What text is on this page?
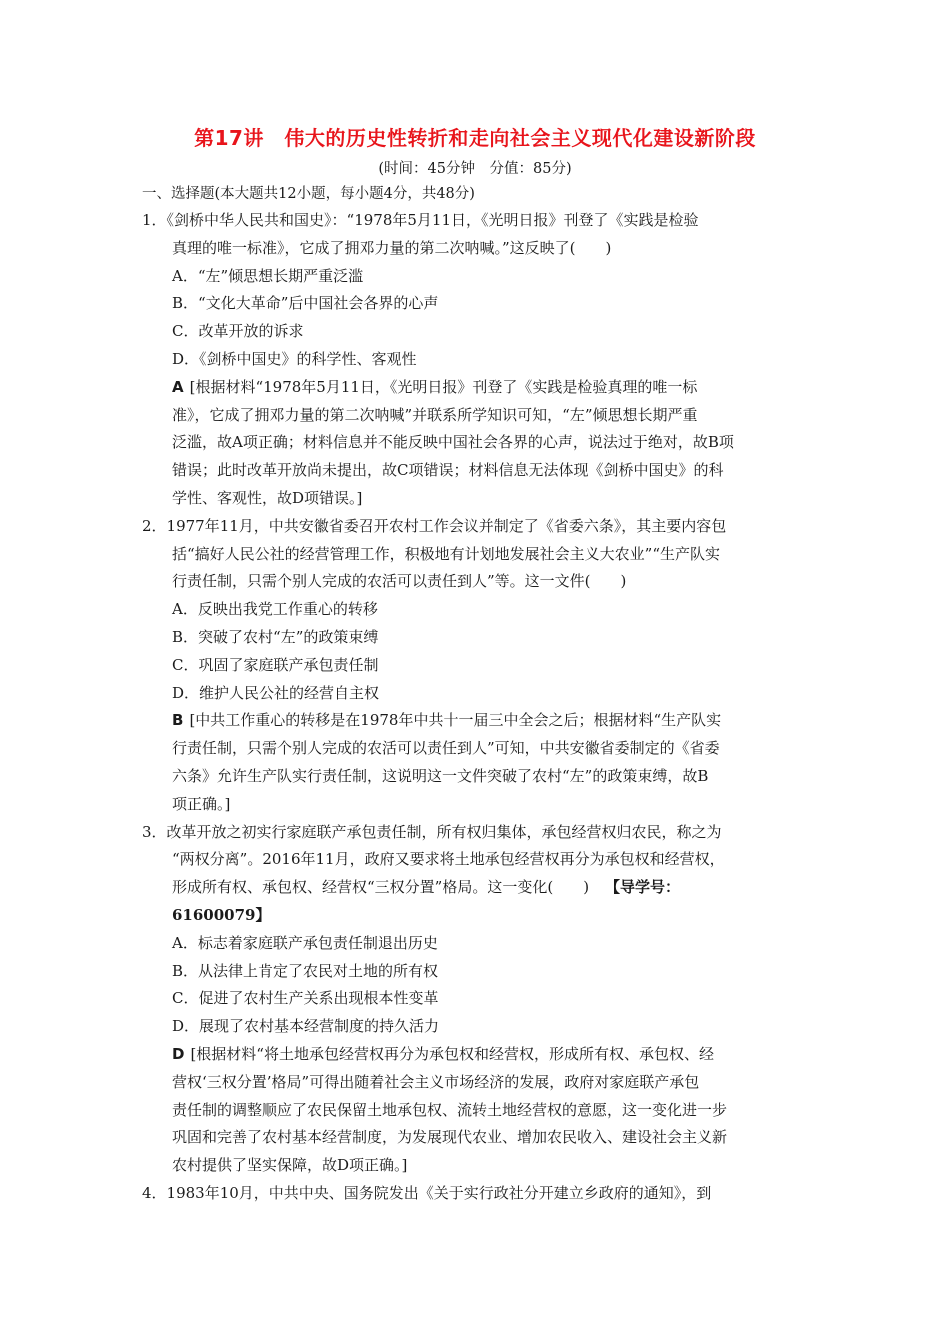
第17讲　伟大的历史性转折和走向社会主义现代化建设新阶段
(时间：45分钟　分值：85分)
一、选择题(本大题共12小题，每小题4分，共48分)
1．《剑桥中华人民共和国史》：“1978年5月11日，《光明日报》刊登了《实践是检验
真理的唯一标准》，它成了拥邓力量的第二次呐喊。”这反映了(　　)
A．“左”倾思想长期严重泛滥
B．“文化大革命”后中国社会各界的心声
C．改革开放的诉求
D．《剑桥中国史》的科学性、客观性
A [根据材料“1978年5月11日，《光明日报》刊登了《实践是检验真理的唯一标
准》，它成了拥邓力量的第二次呐喊”并联系所学知识可知，“左”倾思想长期严重
泛滥，故A项正确；材料信息并不能反映中国社会各界的心声，说法过于绝对，故B项
错误；此时改革开放尚未提出，故C项错误；材料信息无法体现《剑桥中国史》的科
学性、客观性，故D项错误。]
2．1977年11月，中共安徽省委召开农村工作会议并制定了《省委六条》，其主要内容包
括“搞好人民公社的经营管理工作，积极地有计划地发展社会主义大农业”“生产队实
行责任制，只需个别人完成的农活可以责任到人”等。这一文件(　　)
A．反映出我党工作重心的转移
B．突破了农村“左”的政策束缚
C．巩固了家庭联产承包责任制
D．维护人民公社的经营自主权
B [中共工作重心的转移是在1978年中共十一届三中全会之后；根据材料“生产队实
行责任制，只需个别人完成的农活可以责任到人”可知，中共安徽省委制定的《省委
六条》允许生产队实行责任制，这说明这一文件突破了农村“左”的政策束缚，故B
项正确。]
3．改革开放之初实行家庭联产承包责任制，所有权归集体，承包经营权归农民，称之为
“两权分离”。2016年11月，政府又要求将土地承包经营权再分为承包权和经营权，
形成所有权、承包权、经营权“三权分置”格局。这一变化(　　) 【导学号：
61600079】
A．标志着家庭联产承包责任制退出历史
B．从法律上肯定了农民对土地的所有权
C．促进了农村生产关系出现根本性变革
D．展现了农村基本经营制度的持久活力
D [根据材料“将土地承包经营权再分为承包权和经营权，形成所有权、承包权、经
营权‘三权分置’格局”可得出随着社会主义市场经济的发展，政府对家庭联产承包
责任制的调整顺应了农民保留土地承包权、流转土地经营权的意愿，这一变化进一步
巩固和完善了农村基本经营制度，为发展现代农业、增加农民收入、建设社会主义新
农村提供了坚实保障，故D项正确。]
4．1983年10月，中共中央、国务院发出《关于实行政社分开建立乡政府的通知》，到
